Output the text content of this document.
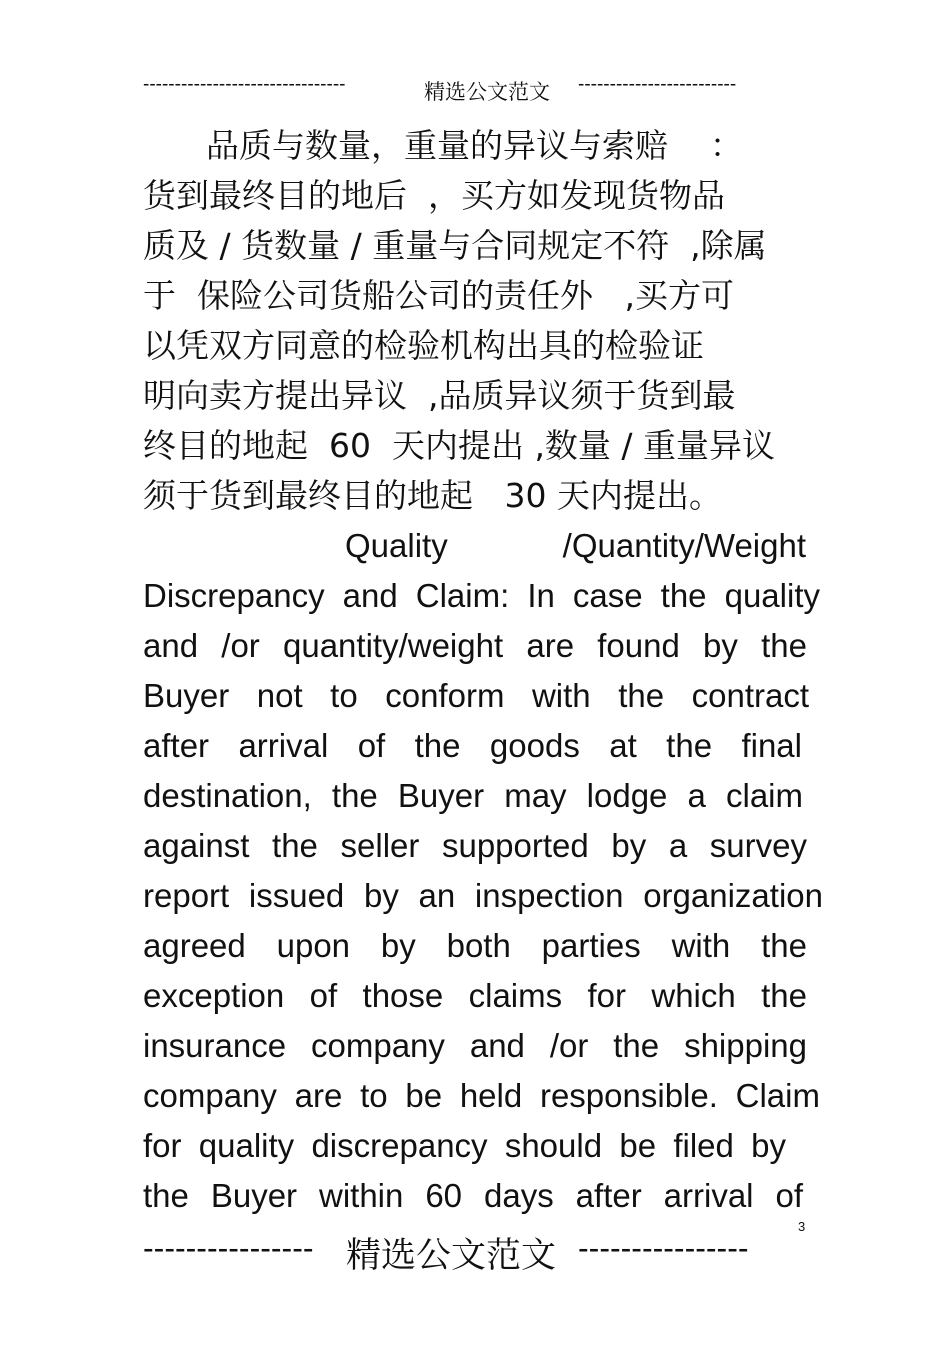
--------------------------------	精选公文范文 -------------------------
品质与数量，重量的异议与索赔    ：
货到最终目的地后  ，买方如发现货物品
质及 / 货数量 / 重量与合同规定不符  ,除属
于  保险公司货船公司的责任外   ,买方可
以凭双方同意的检验机构出具的检验证
明向卖方提出异议  ,品质异议须于货到最
终目的地起  60  天内提出 ,数量 / 重量异议
须于货到最终目的地起   30 天内提出。
Quality /Quantity/Weight
Discrepancy and Claim: In case the quality
and /or quantity/weight are found by the
Buyer not to conform with the contract
after arrival of the goods at the final
destination, the Buyer may lodge a claim
against the seller supported by a survey
report issued by an inspection organization
agreed upon by both parties with the
exception of those claims for which the
insurance company and /or the shipping
company are to be held responsible. Claim
for quality discrepancy should be filed by
the Buyer within 60 days after arrival of
3
---------------- 精选公文范文 ----------------
